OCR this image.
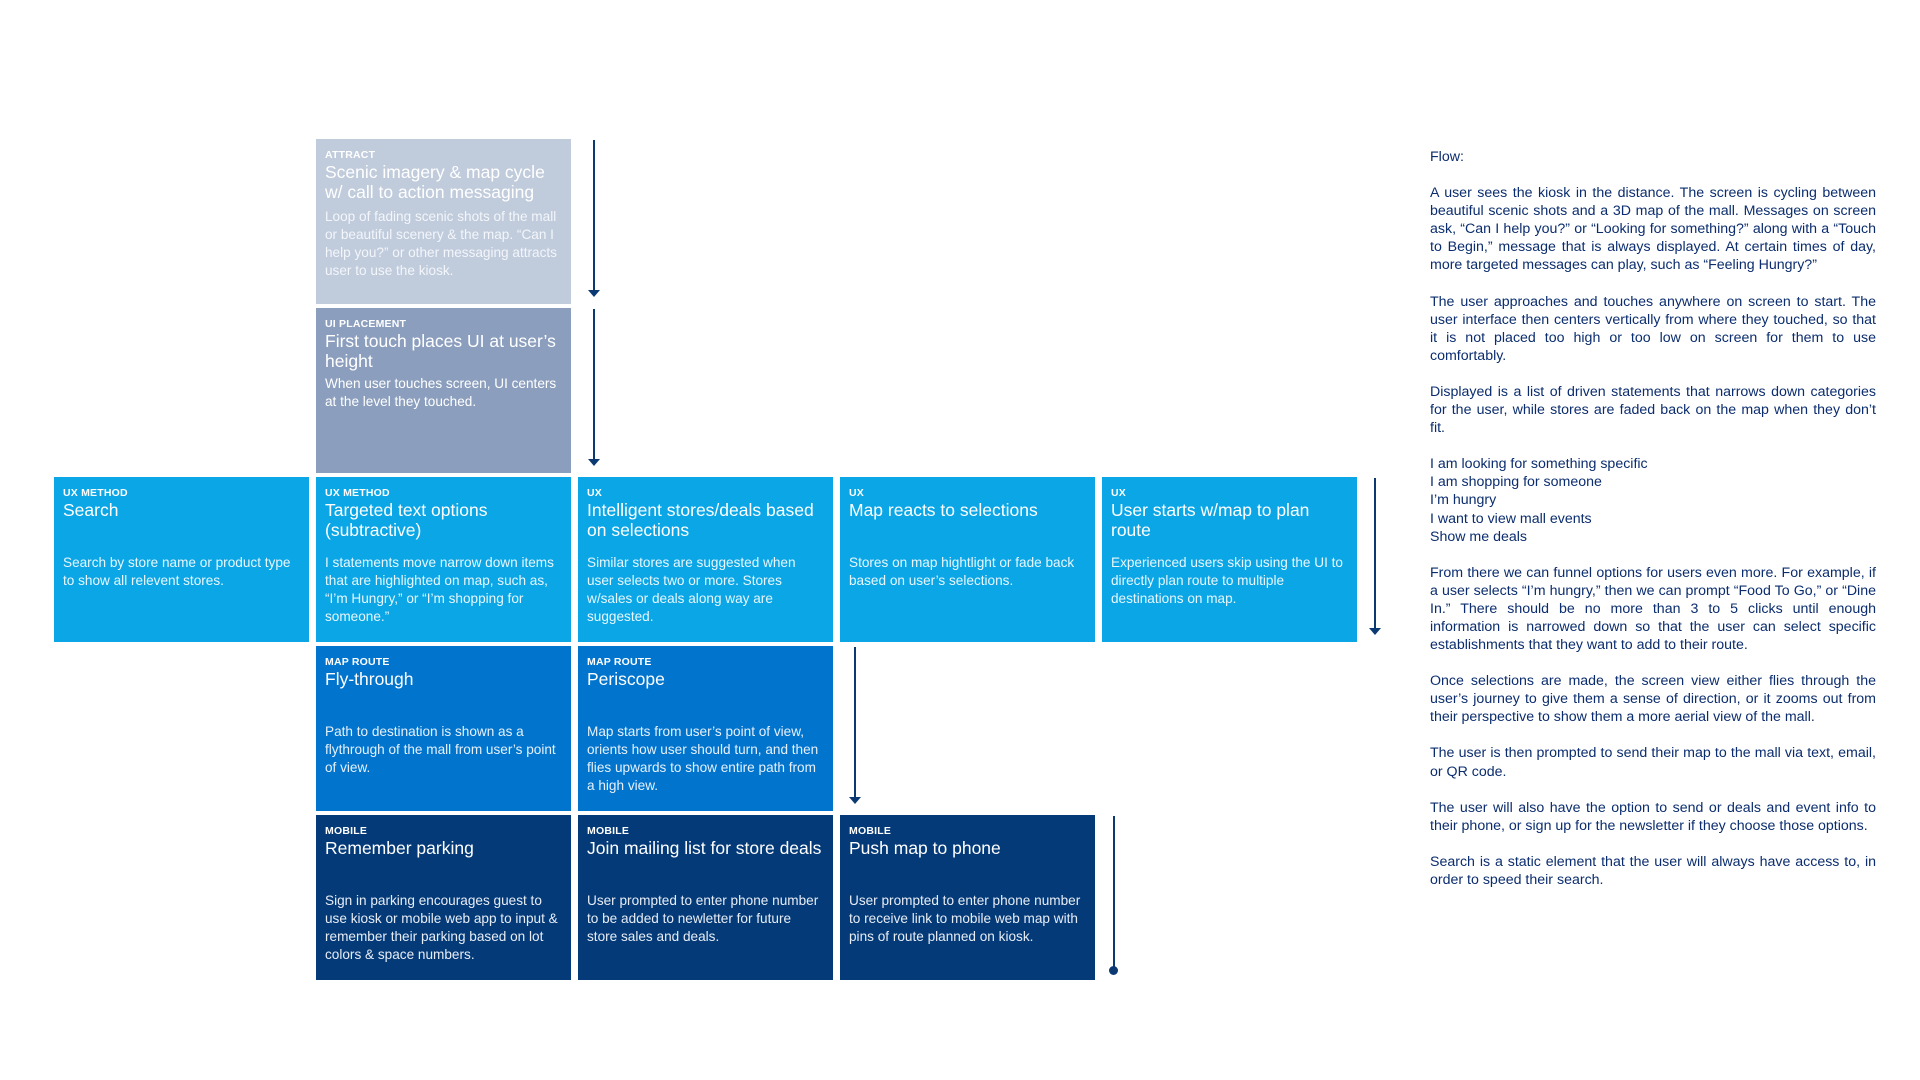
ATTRACT
Scenic imagery & map cycle w/ call to action messaging
Loop of fading scenic shots of the mall or beautiful scenery & the map. “Can I help you?” or other messaging attracts user to use the kiosk.
UI PLACEMENT
First touch places UI at user’s height
When user touches screen, UI centers at the level they touched.
UX METHOD
Search
Search by store name or product type to show all relevent stores.
UX METHOD
Targeted text options (subtractive)
I statements move narrow down items that are highlighted on map, such as, “I’m Hungry,” or “I’m shopping for someone.”
UX
Intelligent stores/deals based on selections
Similar stores are suggested when user selects two or more. Stores w/sales or deals along way are suggested.
UX
Map reacts to selections
Stores on map hightlight or fade back based on user’s selections.
UX
User starts w/map to plan route
Experienced users skip using the UI to directly plan route to multiple destinations on map.
MAP ROUTE
Fly-through
Path to destination is shown as a flythrough of the mall from user’s point of view.
MAP ROUTE
Periscope
Map starts from user’s point of view, orients how user should turn, and then flies upwards to show entire path from a high view.
MOBILE
Remember parking
Sign in parking encourages guest to use kiosk or mobile web app to input & remember their parking based on lot colors & space numbers.
MOBILE
Join mailing list for store deals
User prompted to enter phone number to be added to newletter for future store sales and deals.
MOBILE
Push map to phone
User prompted to enter phone number to receive link to mobile web map with pins of route planned on kiosk.

Flow:

A user sees the kiosk in the distance. The screen is cycling between beautiful scenic shots and a 3D map of the mall. Messages on screen ask, “Can I help you?” or “Looking for something?” along with a “Touch to Begin,” message that is always displayed. At certain times of day, more targeted messages can play, such as “Feeling Hungry?”

The user approaches and touches anywhere on screen to start. The user interface then centers vertically from where they touched, so that it is not placed too high or too low on screen for them to use comfortably.

Displayed is a list of driven statements that narrows down categories for the user, while stores are faded back on the map when they don’t fit.

I am looking for something specific
I am shopping for someone
I’m hungry
I want to view mall events
Show me deals

From there we can funnel options for users even more. For example, if a user selects “I’m hungry,” then we can prompt “Food To Go,” or “Dine In.” There should be no more than 3 to 5 clicks until enough information is narrowed down so that the user can select specific establishments that they want to add to their route.

Once selections are made, the screen view either flies through the user’s journey to give them a sense of direction, or it zooms out from their perspective to show them a more aerial view of the mall.

The user is then prompted to send their map to the mall via text, email, or QR code.

The user will also have the option to send or deals and event info to their phone, or sign up for the newsletter if they choose those options.

Search is a static element that the user will always have access to, in order to speed their search.
